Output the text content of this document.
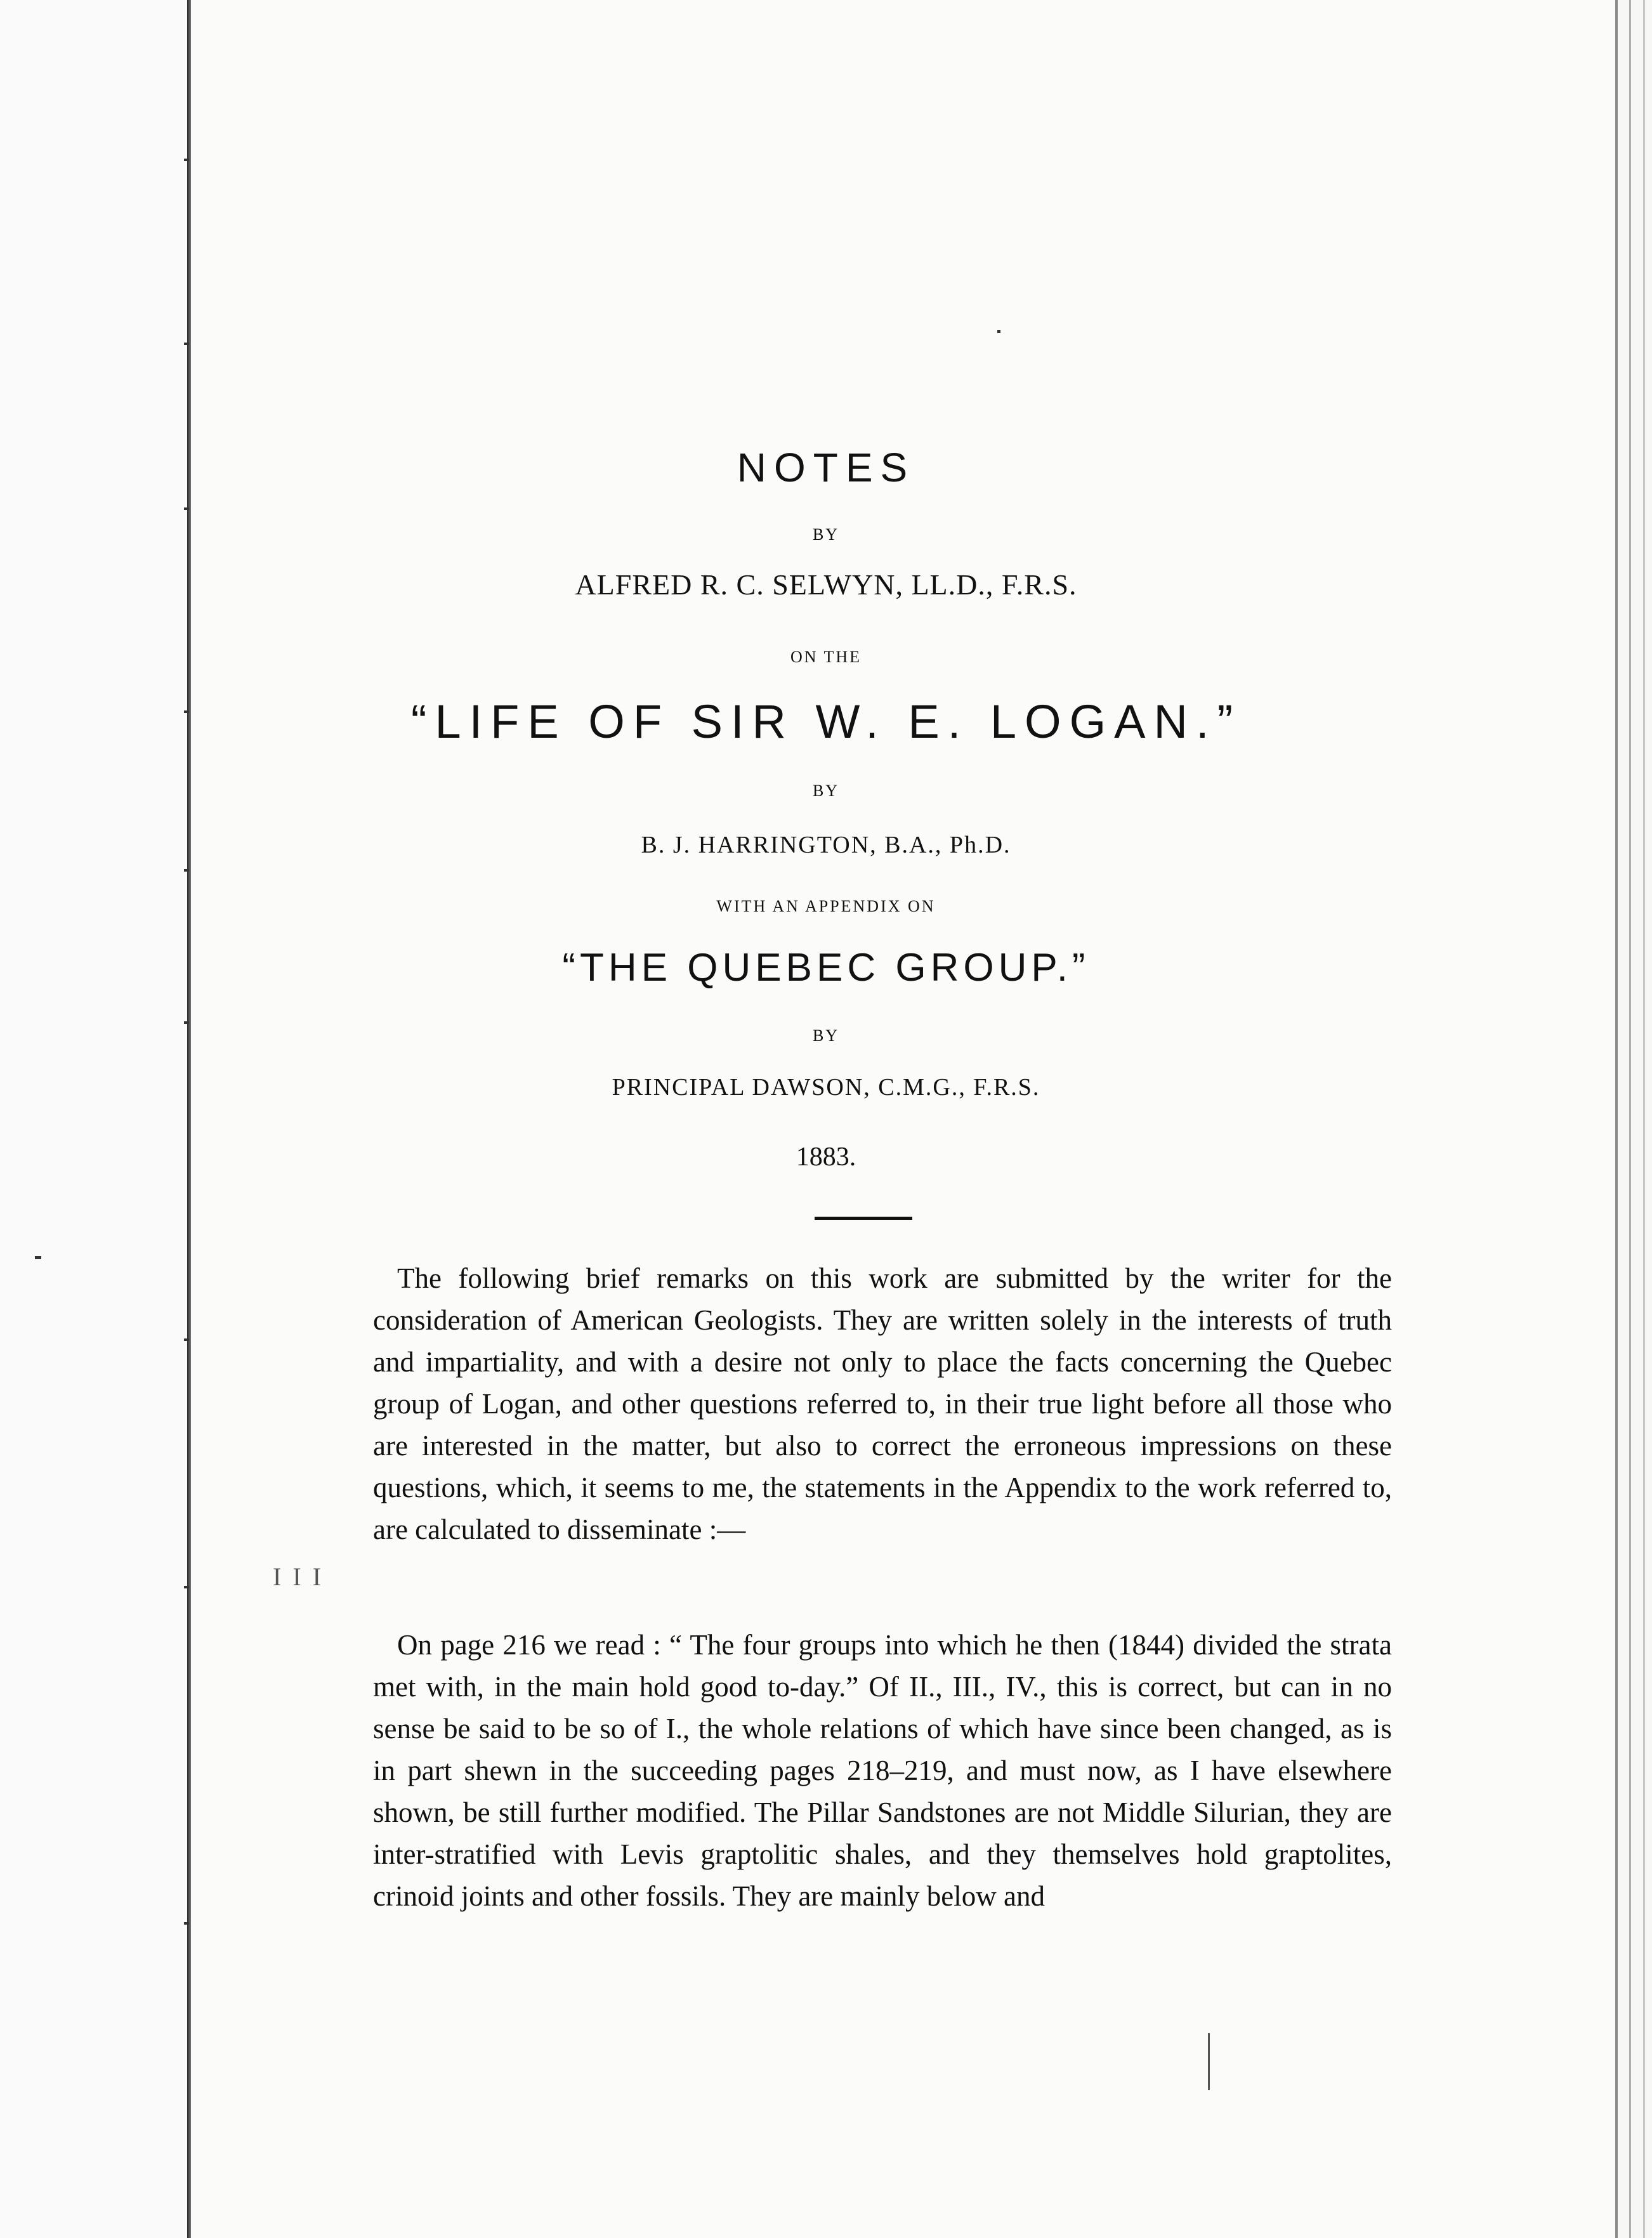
NOTES
BY
ALFRED R. C. SELWYN, LL.D., F.R.S.
ON THE
“LIFE OF SIR W. E. LOGAN.”
BY
B. J. HARRINGTON, B.A., Ph.D.
WITH AN APPENDIX ON
“THE QUEBEC GROUP.”
BY
PRINCIPAL DAWSON, C.M.G., F.R.S.
1883.

The following brief remarks on this work are submitted by the writer for the consideration of American Geologists. They are written solely in the interests of truth and impartiality, and with a desire not only to place the facts concerning the Quebec group of Logan, and other questions referred to, in their true light before all those who are interested in the matter, but also to correct the erroneous impressions on these questions, which, it seems to me, the statements in the Appendix to the work referred to, are calculated to disseminate :—

On page 216 we read : “ The four groups into which he then (1844) divided the strata met with, in the main hold good to-day.” Of II., III., IV., this is correct, but can in no sense be said to be so of I., the whole relations of which have since been changed, as is in part shewn in the succeeding pages 218–219, and must now, as I have elsewhere shown, be still further modified. The Pillar Sandstones are not Middle Silurian, they are inter-stratified with Levis graptolitic shales, and they themselves hold graptolites, crinoid joints and other fossils. They are mainly below and

I I I
